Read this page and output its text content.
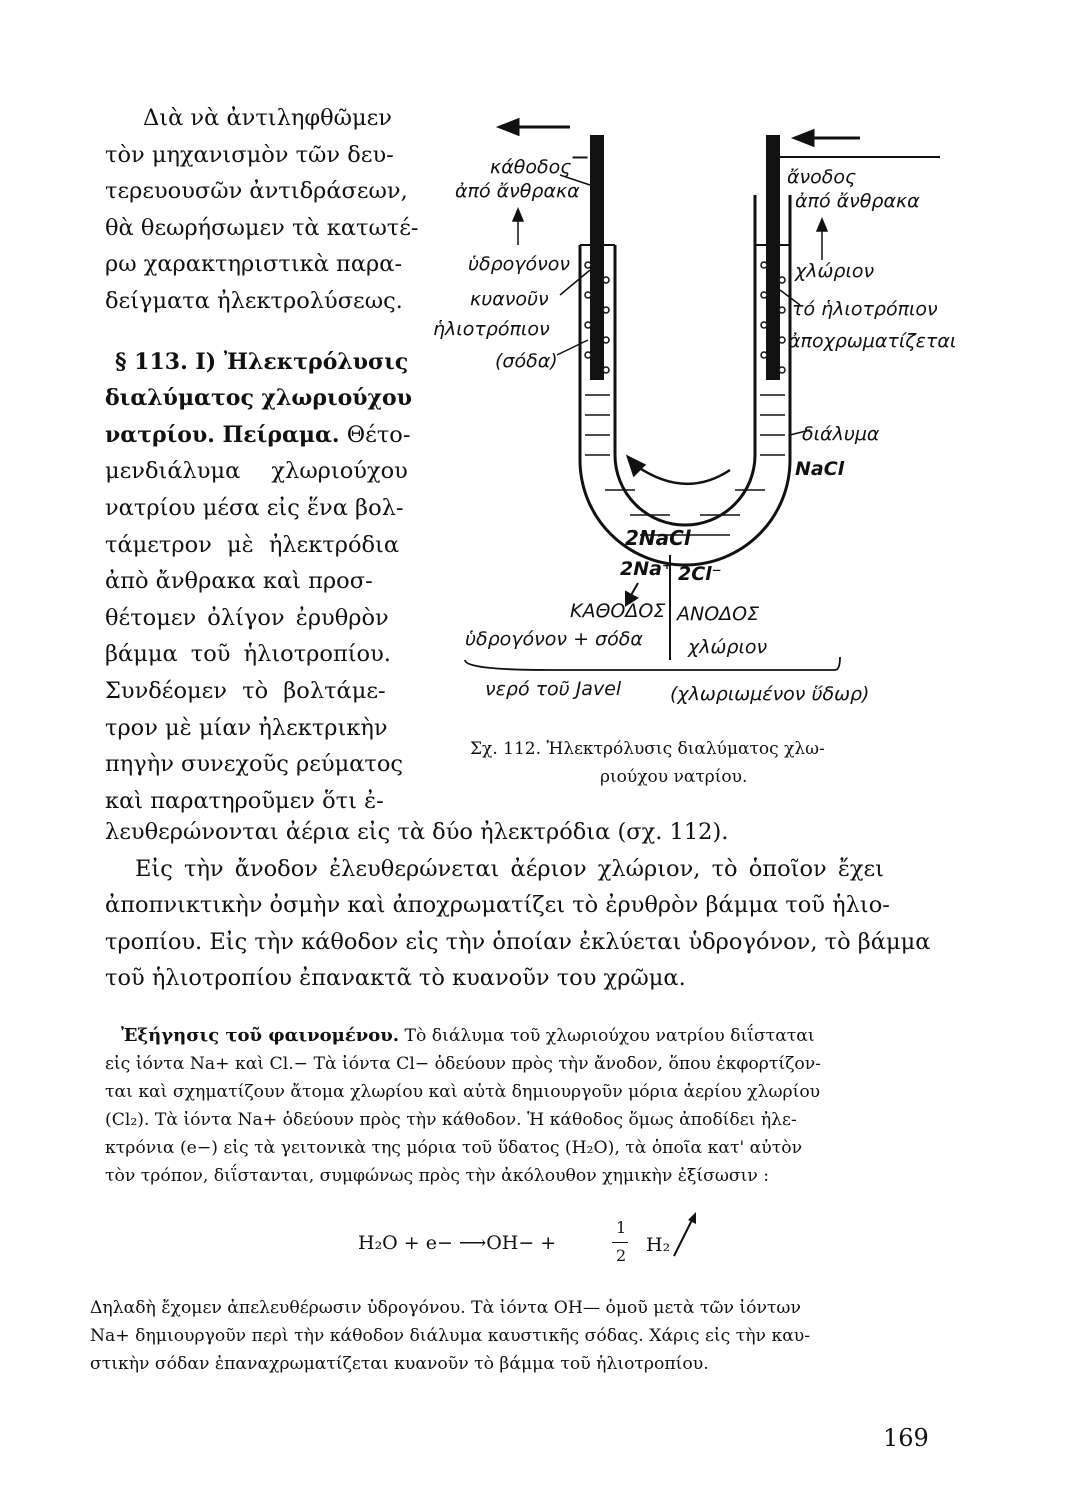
Διὰ νὰ ἀντιληφθῶμεν
τὸν μηχανισμὸν τῶν δευ-
τερευουσῶν ἀντιδράσεων,
θὰ θεωρήσωμεν τὰ κατωτέ-
ρω χαρακτηριστικὰ παρα-
δείγματα ἠλεκτρολύσεως.
§ 113. Ι) Ἠλεκτρόλυσις
διαλύματος χλωριούχου
νατρίου. Πείραμα. Θέτο-
μενδιάλυμα χλωριούχου
νατρίου μέσα εἰς ἕνα βολ-
τάμετρον μὲ ἠλεκτρόδια
ἀπὸ ἄνθρακα καὶ προσ-
θέτομεν ὀλίγον ἐρυθρὸν
βάμμα τοῦ ἡλιοτροπίου.
Συνδέομεν τὸ βολτάμε-
τρον μὲ μίαν ἠλεκτρικὴν
πηγὴν συνεχοῦς ρεύματος
καὶ παρατηροῦμεν ὅτι ἐ-
κάθοδος
ἀπό ἄνθρακα
−
+ ἄνοδος
ἀπό ἄνθρακα
ὑδρογόνον
κυανοῦν
ἡλιοτρόπιον
(σόδα)
χλώριον
τό ἡλιοτρόπιον
ἀποχρωματίζεται
διάλυμα
NaCl
2NaCl
2Na⁺ 2Cl⁻
ΚΑΘΟΔΟΣ ΑΝΟΔΟΣ
ὑδρογόνον + σόδα χλώριον
νερό τοῦ Javel	(χλωριωμένον ὕδωρ)
Σχ. 112. Ἠλεκτρόλυσις διαλύματος χλω-
ριούχου νατρίου.
λευθερώνονται ἀέρια εἰς τὰ δύο ἠλεκτρόδια (σχ. 112).
Εἰς τὴν ἄνοδον ἐλευθερώνεται ἀέριον χλώριον, τὸ ὁποῖον ἔχει
ἀποπνικτικὴν ὀσμὴν καὶ ἀποχρωματίζει τὸ ἐρυθρὸν βάμμα τοῦ ἡλιο-
τροπίου. Εἰς τὴν κάθοδον εἰς τὴν ὁποίαν ἐκλύεται ὑδρογόνον, τὸ βάμμα
τοῦ ἡλιοτροπίου ἐπανακτᾶ τὸ κυανοῦν του χρῶμα.
Ἐξήγησις τοῦ φαινομένου. Τὸ διάλυμα τοῦ χλωριούχου νατρίου διΐσταται
εἰς ἰόντα Na+ καὶ Cl.− Τὰ ἰόντα Cl− ὁδεύουν πρὸς τὴν ἄνοδον, ὅπου ἐκφορτίζον-
ται καὶ σχηματίζουν ἄτομα χλωρίου καὶ αὐτὰ δημιουργοῦν μόρια ἀερίου χλωρίου
(Cl₂). Τὰ ἰόντα Na+ ὁδεύουν πρὸς τὴν κάθοδον. Ἡ κάθοδος ὅμως ἀποδίδει ἠλε-
κτρόνια (e−) εἰς τὰ γειτονικὰ της μόρια τοῦ ὕδατος (H₂O), τὰ ὁποῖα κατ' αὐτὸν
τὸν τρόπον, διΐστανται, συμφώνως πρὸς τὴν ἀκόλουθον χημικὴν ἐξίσωσιν :
H₂O + e− ⟶OH− +
1
2 H₂
Δηλαδὴ ἔχομεν ἀπελευθέρωσιν ὑδρογόνου. Τὰ ἰόντα OH— ὁμοῦ μετὰ τῶν ἰόντων
Na+ δημιουργοῦν περὶ τὴν κάθοδον διάλυμα καυστικῆς σόδας. Χάρις εἰς τὴν καυ-
στικὴν σόδαν ἐπαναχρωματίζεται κυανοῦν τὸ βάμμα τοῦ ἡλιοτροπίου.
169
